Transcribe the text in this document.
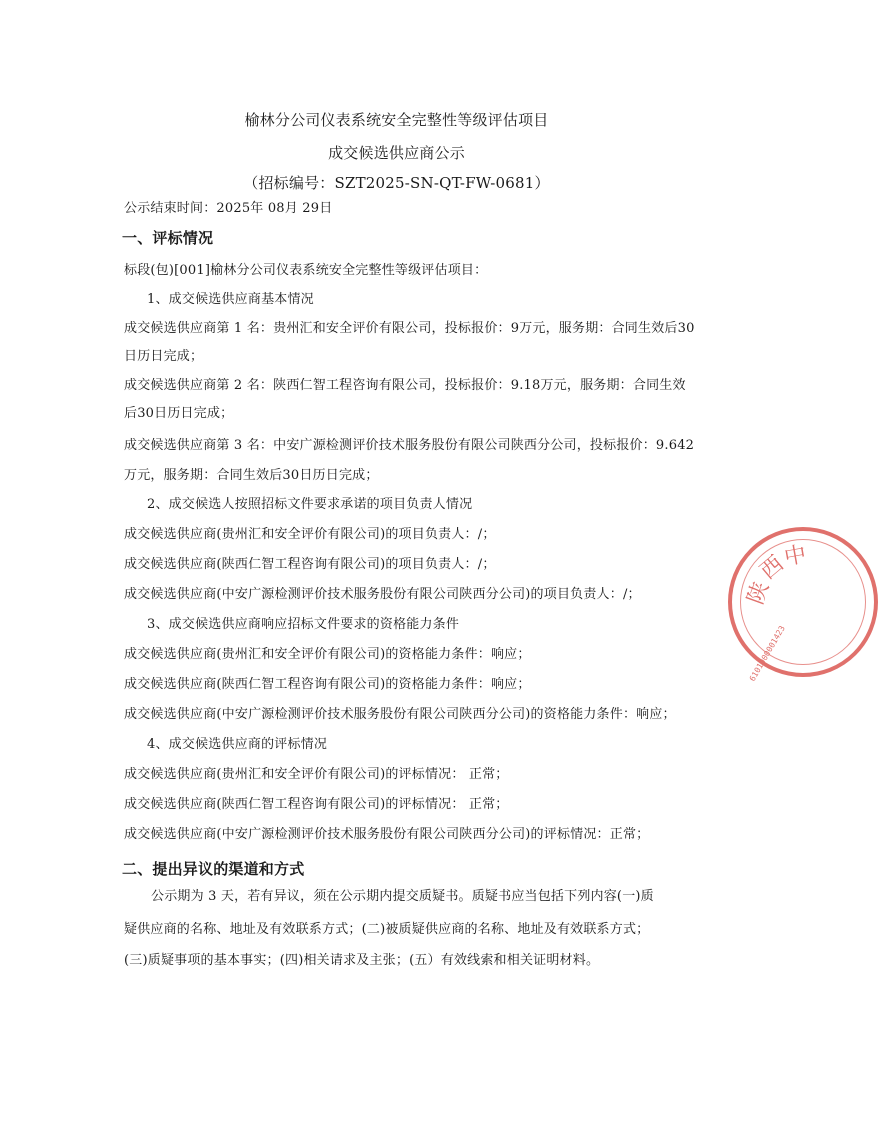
榆林分公司仪表系统安全完整性等级评估项目
成交候选供应商公示
（招标编号：SZT2025-SN-QT-FW-0681）
公示结束时间：2025年 08月 29日
一、评标情况
标段(包)[001]榆林分公司仪表系统安全完整性等级评估项目：
1、成交候选供应商基本情况
成交候选供应商第 1 名：贵州汇和安全评价有限公司，投标报价：9万元，服务期：合同生效后30
日历日完成；
成交候选供应商第 2 名：陕西仁智工程咨询有限公司，投标报价：9.18万元，服务期：合同生效
后30日历日完成；
成交候选供应商第 3 名：中安广源检测评价技术服务股份有限公司陕西分公司，投标报价：9.642
万元，服务期：合同生效后30日历日完成；
2、成交候选人按照招标文件要求承诺的项目负责人情况
成交候选供应商(贵州汇和安全评价有限公司)的项目负责人：/；
成交候选供应商(陕西仁智工程咨询有限公司)的项目负责人：/；
成交候选供应商(中安广源检测评价技术服务股份有限公司陕西分公司)的项目负责人：/；
3、成交候选供应商响应招标文件要求的资格能力条件
成交候选供应商(贵州汇和安全评价有限公司)的资格能力条件：响应；
成交候选供应商(陕西仁智工程咨询有限公司)的资格能力条件：响应；
成交候选供应商(中安广源检测评价技术服务股份有限公司陕西分公司)的资格能力条件：响应；
4、成交候选供应商的评标情况
成交候选供应商(贵州汇和安全评价有限公司)的评标情况： 正常；
成交候选供应商(陕西仁智工程咨询有限公司)的评标情况： 正常；
成交候选供应商(中安广源检测评价技术服务股份有限公司陕西分公司)的评标情况：正常；
二、提出异议的渠道和方式
公示期为 3 天，若有异议，须在公示期内提交质疑书。质疑书应当包括下列内容(一)质
疑供应商的名称、地址及有效联系方式；(二)被质疑供应商的名称、地址及有效联系方式；
(三)质疑事项的基本事实；(四)相关请求及主张；(五）有效线索和相关证明材料。
陕
西
中
6101000001423
